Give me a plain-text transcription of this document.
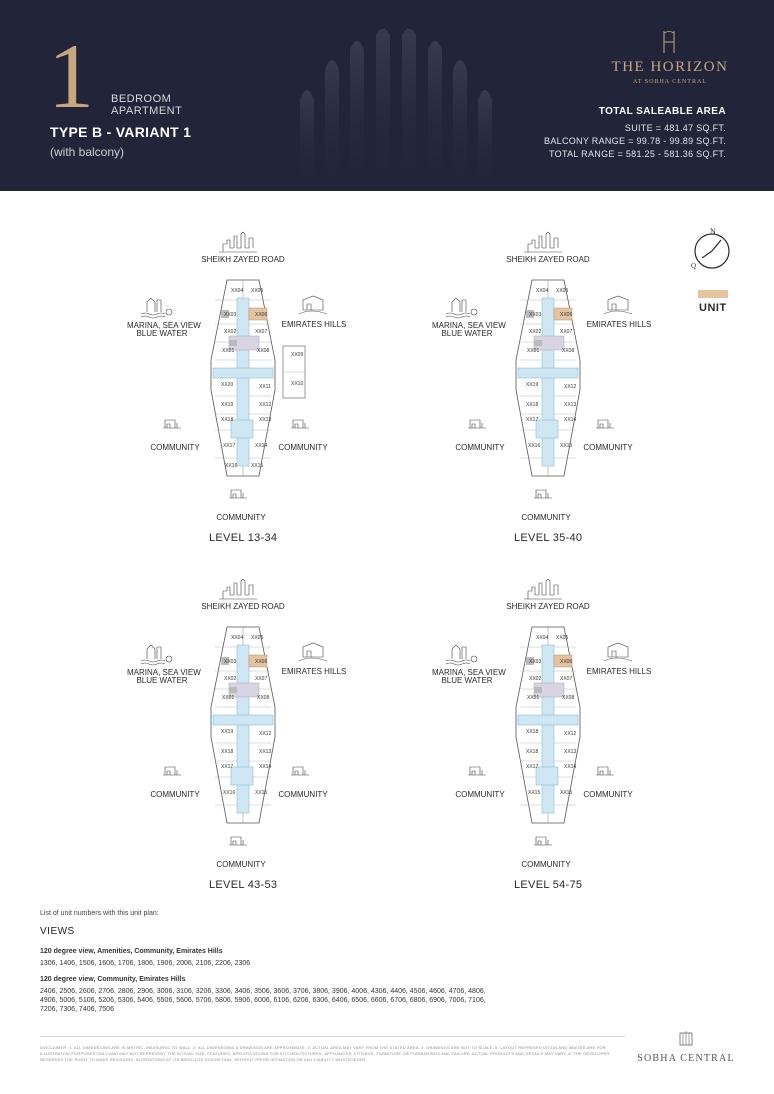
1 BEDROOM
APARTMENT
TYPE B - VARIANT 1
(with balcony)
THE HORIZON
AT SOBHA CENTRAL
TOTAL SALEABLE AREA
SUITE = 481.47 SQ.FT.
BALCONY RANGE = 99.78 - 99.89 SQ.FT.
TOTAL RANGE = 581.25 - 581.36 SQ.FT.
N
Q
UNIT
XX04 XX05
XX03	XX06
XX02	XX07
XX01	XX08
XX09
XX10
XX20	XX11
XX19	XX12
XX18	XX13
XX17	XX14
XX16	XX15
SHEIKH ZAYED ROAD
MARINA, SEA VIEW
BLUE WATER
EMIRATES HILLS
COMMUNITY	COMMUNITY
COMMUNITY
LEVEL 13-34
XX04 XX05
XX03	XX06
XX02	XX07
XX01	XX08
XX19	XX12
XX18	XX13
XX17	XX14
XX16	XX15
SHEIKH ZAYED ROAD
MARINA, SEA VIEW
BLUE WATER
EMIRATES HILLS
COMMUNITY	COMMUNITY
COMMUNITY
LEVEL 35-40
XX04 XX05
XX03	XX06
XX02	XX07
XX01	XX08
XX19	XX12
XX18	XX13
XX17	XX14
XX16	XX15
SHEIKH ZAYED ROAD
MARINA, SEA VIEW
BLUE WATER
EMIRATES HILLS
COMMUNITY	COMMUNITY
COMMUNITY
LEVEL 43-53
XX04 XX05
XX03	XX06
XX02	XX07
XX01	XX08
XX18	XX12
XX18	XX13
XX17	XX14
XX15	XX15
SHEIKH ZAYED ROAD
MARINA, SEA VIEW
BLUE WATER
EMIRATES HILLS
COMMUNITY	COMMUNITY
COMMUNITY
LEVEL 54-75
List of unit numbers with this unit plan:
VIEWS
120 degree view, Amenities, Community, Emirates Hills
1306, 1406, 1506, 1606, 1706, 1806, 1906, 2006, 2106, 2206, 2306
120 degree view, Community, Emirates Hills
2406, 2506, 2606, 2706, 2806, 2906, 3006, 3106, 3206, 3306, 3406, 3506, 3606, 3706, 3806, 3906, 4006, 4306, 4406, 4506, 4606, 4706, 4806, 4906, 5006, 5106, 5206, 5306, 5406, 5506, 5606, 5706, 5806, 5906, 6006, 6106, 6206, 6306, 6406, 6506, 6606, 6706, 6806, 6906, 7006, 7106, 7206, 7306, 7406, 7506
DISCLAIMER: 1. ALL DIMENSIONS ARE IN METRIC, MEASURED TO WALL. 2. ALL DIMENSIONS & DRAWINGS ARE APPROXIMATE. 3. ACTUAL AREA MAY VARY FROM THE STATED AREA. 4. DRAWINGS ARE NOT TO SCALE. 5. LAYOUT REPRESENTATION AND IMAGES ARE FOR ILLUSTRATIVE PURPOSES ONLY AND MAY NOT REPRESENT THE ACTUAL SIZE, FEATURES, SPECIFICATIONS FOR KITCHEN FIXTURES, APPLIANCES, FITTINGS, FURNITURE OR FURNISHINGS AND FAILURE. ACTUAL PRODUCTS AND DETAILS MAY VARY. 6. THE DEVELOPER RESERVES THE RIGHT TO MAKE REVISIONS, ALTERATIONS AT ITS ABSOLUTE DISCRETION, WITHOUT PRIOR INTIMATION OR ANY LIABILITY WHATSOEVER.	SOBHA CENTRAL
